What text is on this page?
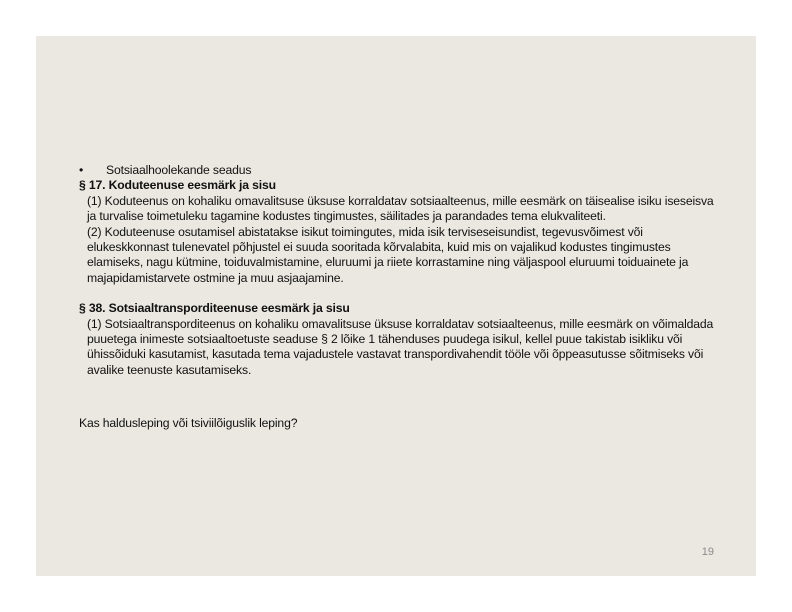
•	Sotsiaalhoolekande seadus

§ 17. Koduteenuse eesmärk ja sisu

(1) Koduteenus on kohaliku omavalitsuse üksuse korraldatav sotsiaalteenus, mille eesmärk on täisealise isiku iseseisva ja turvalise toimetuleku tagamine kodustes tingimustes, säilitades ja parandades tema elukvaliteeti.

(2) Koduteenuse osutamisel abistatakse isikut toimingutes, mida isik terviseseisundist, tegevusvõimest või elukeskkonnast tulenevatel põhjustel ei suuda sooritada kõrvalabita, kuid mis on vajalikud kodustes tingimustes elamiseks, nagu kütmine, toiduvalmistamine, eluruumi ja riiete korrastamine ning väljaspool eluruumi toiduainete ja majapidamistarvete ostmine ja muu asjaajamine.

§ 38. Sotsiaaltransporditeenuse eesmärk ja sisu

(1) Sotsiaaltransporditeenus on kohaliku omavalitsuse üksuse korraldatav sotsiaalteenus, mille eesmärk on võimaldada puuetega inimeste sotsiaaltoetuste seaduse § 2 lõike 1 tähenduses puudega isikul, kellel puue takistab isikliku või ühissõiduki kasutamist, kasutada tema vajadustele vastavat transpordivahendit tööle või õppeasutusse sõitmiseks või avalike teenuste kasutamiseks.

Kas haldusleping või tsiviilõiguslik leping?

19
